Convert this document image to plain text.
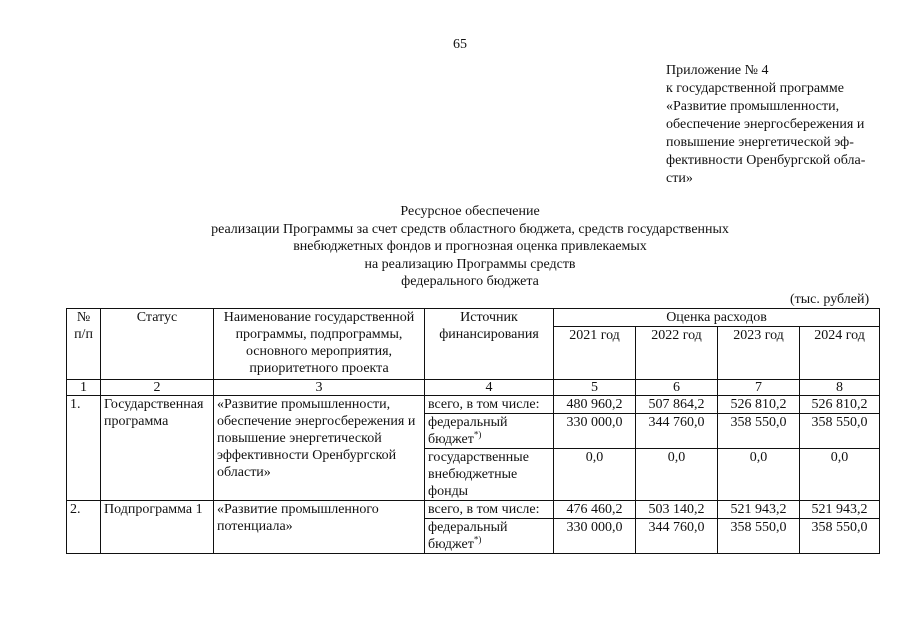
65
Приложение № 4
к государственной программе
«Развитие промышленности,
обеспечение энергосбережения и
повышение энергетической эф-
фективности Оренбургской обла-
сти»
Ресурсное обеспечение
реализации Программы за счет средств областного бюджета, средств государственных
внебюджетных фондов и прогнозная оценка привлекаемых
на реализацию Программы средств
федерального бюджета
(тыс. рублей)
№ п/п	Статус	Наименование государственной программы, подпрограммы, основного мероприятия, приоритетного проекта	Источник финансирования	Оценка расходов			
				2021 год	2022 год	2023 год	2024 год
1	2	3	4	5	6	7	8
1.	Государственная программа	«Развитие промышленности, обеспечение энергосбережения и повышение энергетической эффективности Оренбургской области»	всего, в том числе:	480 960,2	507 864,2	526 810,2	526 810,2
			федеральный бюджет*)	330 000,0	344 760,0	358 550,0	358 550,0
			государственные внебюджетные фонды	0,0	0,0	0,0	0,0
2.	Подпрограмма 1	«Развитие промышленного потенциала»	всего, в том числе:	476 460,2	503 140,2	521 943,2	521 943,2
			федеральный бюджет*)	330 000,0	344 760,0	358 550,0	358 550,0
